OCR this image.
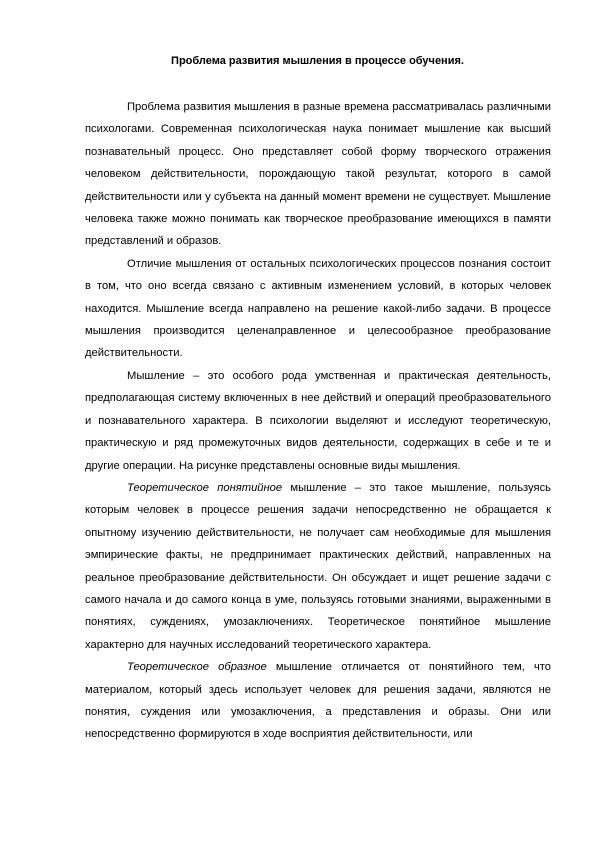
Проблема развития мышления в процессе обучения.

Проблема развития мышления в разные времена рассматривалась различными психологами. Современная психологическая наука понимает мышление как высший познавательный процесс. Оно представляет собой форму творческого отражения человеком действительности, порождающую такой результат, которого в самой действительности или у субъекта на данный момент времени не существует. Мышление человека также можно понимать как творческое преобразование имеющихся в памяти представлений и образов.

Отличие мышления от остальных психологических процессов познания состоит в том, что оно всегда связано с активным изменением условий, в которых человек находится. Мышление всегда направлено на решение какой-либо задачи. В процессе мышления производится целенаправленное и целесообразное преобразование действительности.

Мышление – это особого рода умственная и практическая деятельность, предполагающая систему включенных в нее действий и операций преобразовательного и познавательного характера. В психологии выделяют и исследуют теоретическую, практическую и ряд промежуточных видов деятельности, содержащих в себе и те и другие операции. На рисунке представлены основные виды мышления.

Теоретическое понятийное мышление – это такое мышление, пользуясь которым человек в процессе решения задачи непосредственно не обращается к опытному изучению действительности, не получает сам необходимые для мышления эмпирические факты, не предпринимает практических действий, направленных на реальное преобразование действительности. Он обсуждает и ищет решение задачи с самого начала и до самого конца в уме, пользуясь готовыми знаниями, выраженными в понятиях, суждениях, умозаключениях. Теоретическое понятийное мышление характерно для научных исследований теоретического характера.

Теоретическое образное мышление отличается от понятийного тем, что материалом, который здесь использует человек для решения задачи, являются не понятия, суждения или умозаключения, а представления и образы. Они или непосредственно формируются в ходе восприятия действительности, или
